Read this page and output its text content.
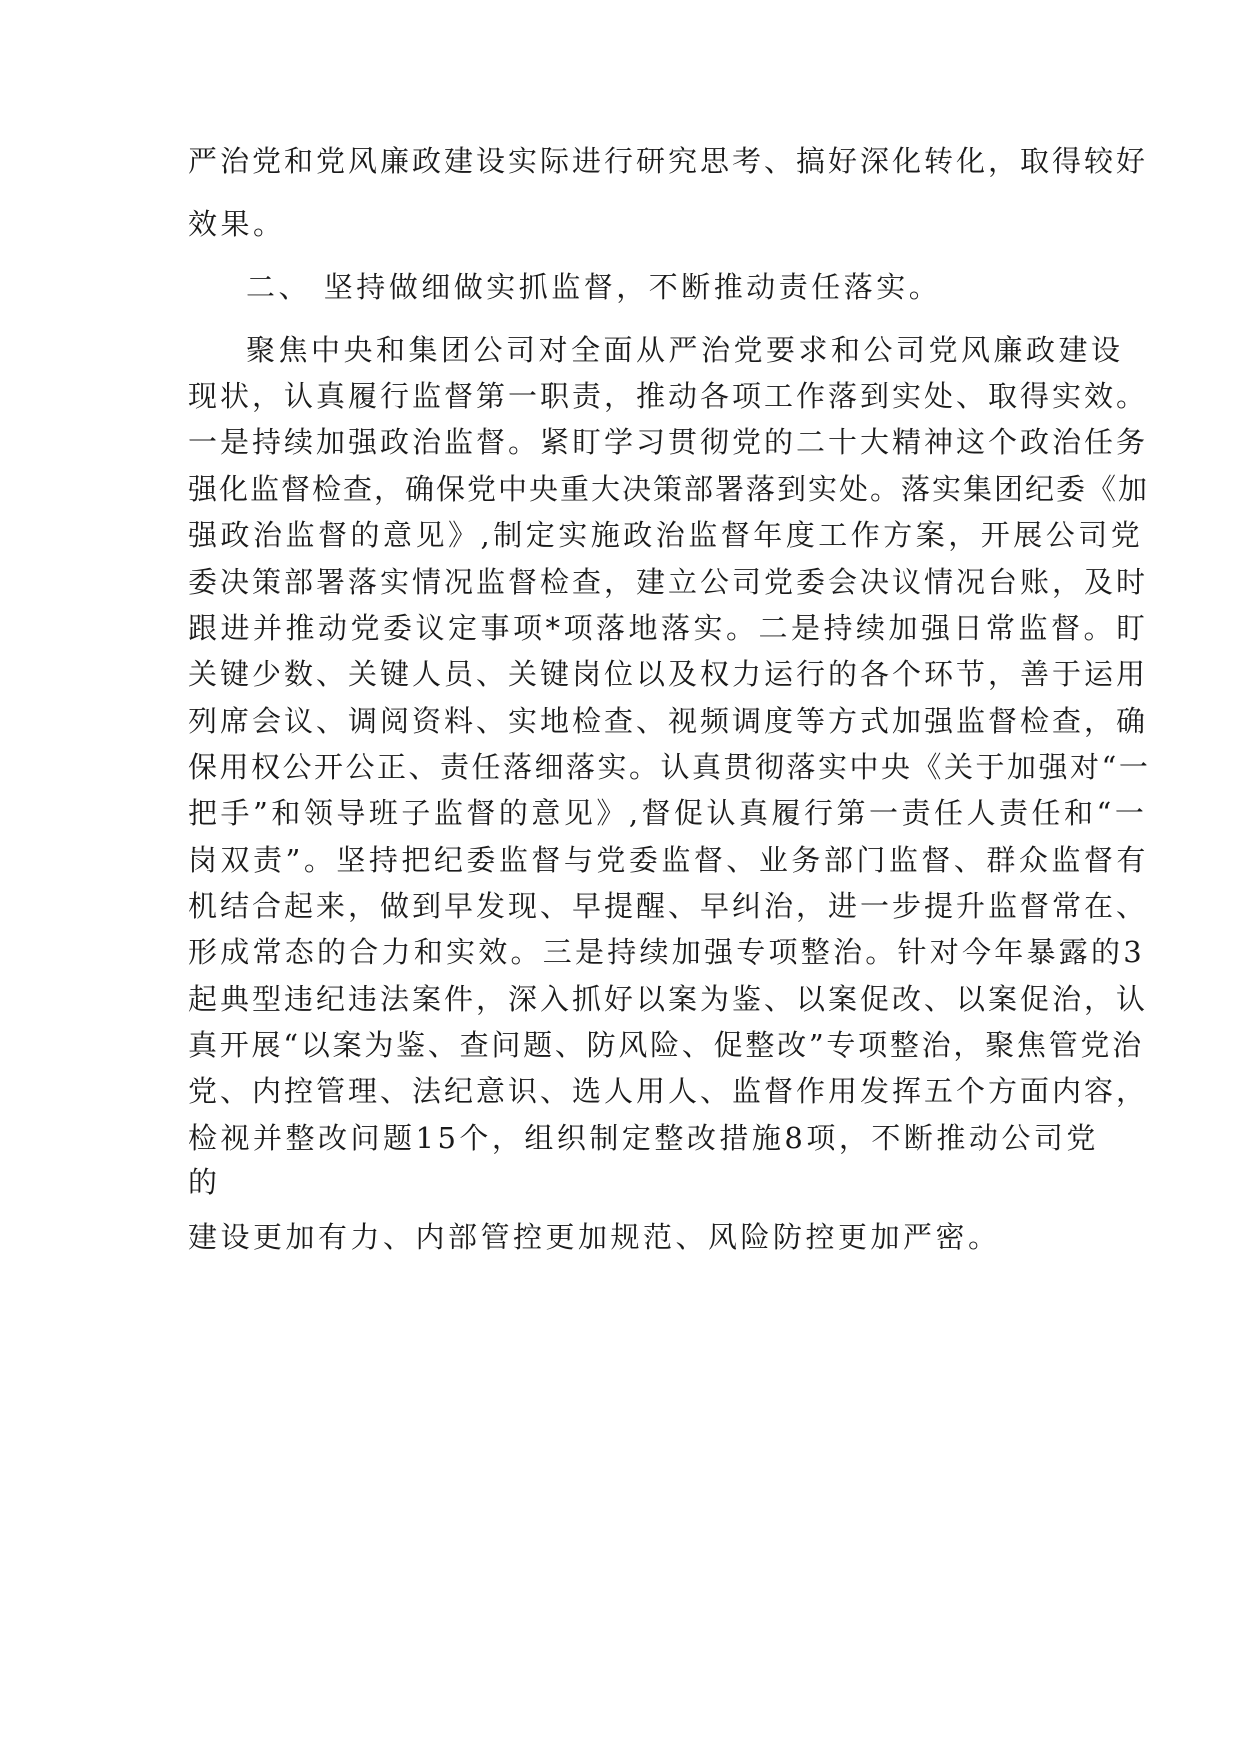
严治党和党风廉政建设实际进行研究思考、搞好深化转化，取得较好
效果。
二、 坚持做细做实抓监督，不断推动责任落实。
聚焦中央和集团公司对全面从严治党要求和公司党风廉政建设
现状，认真履行监督第一职责，推动各项工作落到实处、取得实效。
一是持续加强政治监督。紧盯学习贯彻党的二十大精神这个政治任务
强化监督检查，确保党中央重大决策部署落到实处。落实集团纪委《加
强政治监督的意见》,制定实施政治监督年度工作方案，开展公司党
委决策部署落实情况监督检查，建立公司党委会决议情况台账，及时
跟进并推动党委议定事项*项落地落实。二是持续加强日常监督。盯
关键少数、关键人员、关键岗位以及权力运行的各个环节，善于运用
列席会议、调阅资料、实地检查、视频调度等方式加强监督检查，确
保用权公开公正、责任落细落实。认真贯彻落实中央《关于加强对“一
把手”和领导班子监督的意见》,督促认真履行第一责任人责任和“一
岗双责”。坚持把纪委监督与党委监督、业务部门监督、群众监督有
机结合起来，做到早发现、早提醒、早纠治，进一步提升监督常在、
形成常态的合力和实效。三是持续加强专项整治。针对今年暴露的3
起典型违纪违法案件，深入抓好以案为鉴、以案促改、以案促治，认
真开展“以案为鉴、查问题、防风险、促整改”专项整治，聚焦管党治
党、内控管理、法纪意识、选人用人、监督作用发挥五个方面内容，
检视并整改问题15个，组织制定整改措施8项，不断推动公司党
的
建设更加有力、内部管控更加规范、风险防控更加严密。
